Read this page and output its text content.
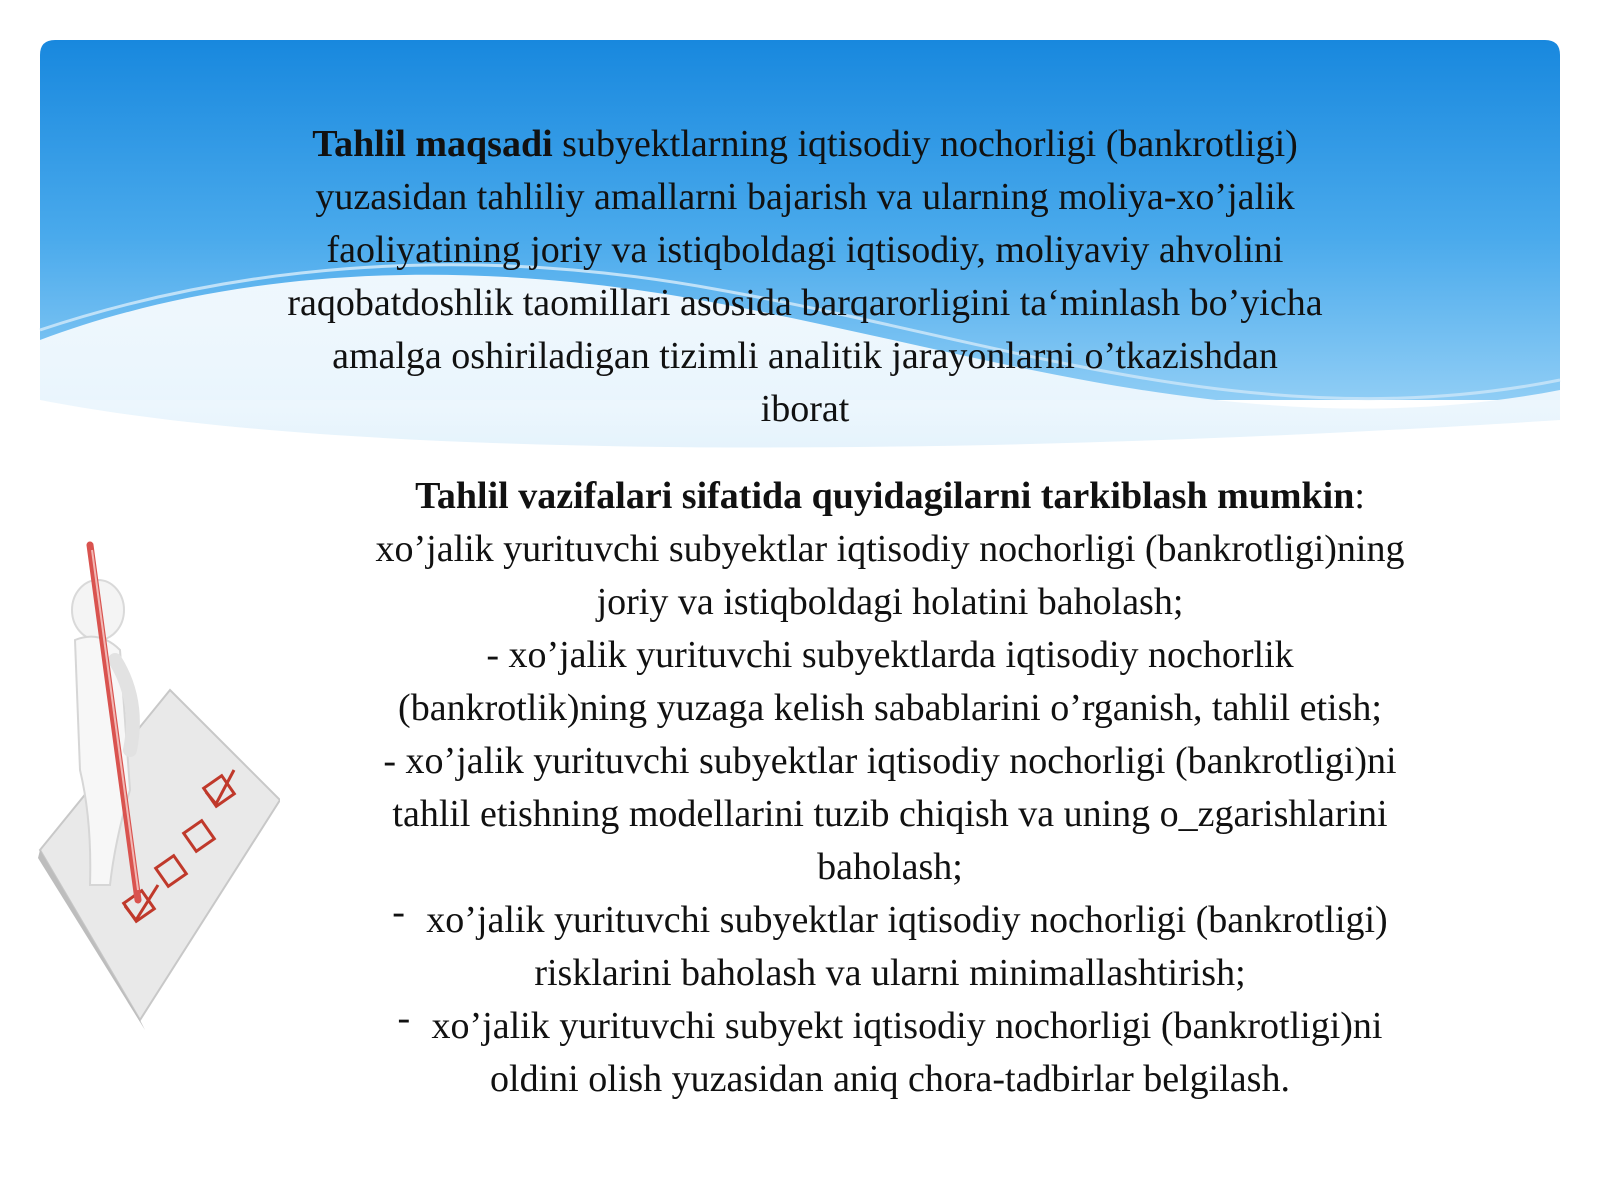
Tahlil maqsadi subyektlarning iqtisodiy nochorligi (bankrotligi)
yuzasidan tahliliy amallarni bajarish va ularning moliya-xo’jalik
faoliyatining joriy va istiqboldagi iqtisodiy, moliyaviy ahvolini
raqobatdoshlik taomillari asosida barqarorligini ta‘minlash bo’yicha
amalga oshiriladigan tizimli analitik jarayonlarni o’tkazishdan
iborat
Tahlil vazifalari sifatida quyidagilarni tarkiblash mumkin:
xo’jalik yurituvchi subyektlar iqtisodiy nochorligi (bankrotligi)ning
joriy va istiqboldagi holatini baholash;
- xo’jalik yurituvchi subyektlarda iqtisodiy nochorlik
(bankrotlik)ning yuzaga kelish sabablarini o’rganish, tahlil etish;
- xo’jalik yurituvchi subyektlar iqtisodiy nochorligi (bankrotligi)ni
tahlil etishning modellarini tuzib chiqish va uning o_zgarishlarini
baholash;
- xo’jalik yurituvchi subyektlar iqtisodiy nochorligi (bankrotligi)
risklarini baholash va ularni minimallashtirish;
- xo’jalik yurituvchi subyekt iqtisodiy nochorligi (bankrotligi)ni
oldini olish yuzasidan aniq chora-tadbirlar belgilash.
